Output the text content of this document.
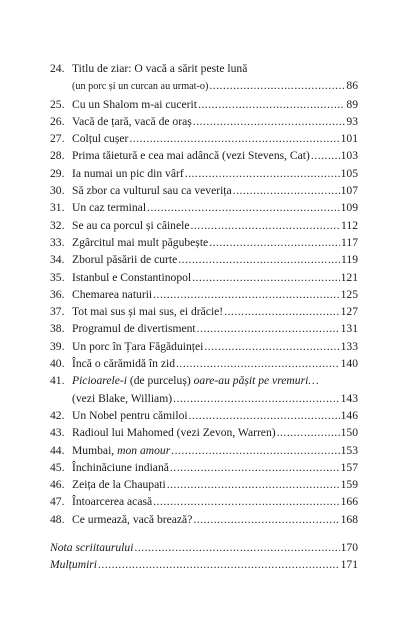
24. Titlu de ziar: O vacă a sărit peste lună
(un porc și un curcan au urmat-o) .....	86
25. Cu un Shalom m-ai cucerit .....	89
26. Vacă de țară, vacă de oraș .....	93
27. Colțul cușer .....	101
28. Prima tăietură e cea mai adâncă (vezi Stevens, Cat) .....	103
29. Ia numai un pic din vârf .....	105
30. Să zbor ca vulturul sau ca veverița .....	107
31. Un caz terminal .....	109
32. Se au ca porcul și câinele .....	112
33. Zgârcitul mai mult păgubește .....	117
34. Zborul păsării de curte .....	119
35. Istanbul e Constantinopol .....	121
36. Chemarea naturii .....	125
37. Tot mai sus și mai sus, ei drăcie! .....	127
38. Programul de divertisment .....	131
39. Un porc în Țara Făgăduinței .....	133
40. Încă o cărămidă în zid .....	140
41. Picioarele-i (de purceluș) oare-au pășit pe vremuri…
(vezi Blake, William) .....	143
42. Un Nobel pentru cămiloi .....	146
43. Radioul lui Mahomed (vezi Zevon, Warren) .....	150
44. Mumbai, mon amour .....	153
45. Închinăciune indiană .....	157
46. Zeița de la Chaupati .....	159
47. Întoarcerea acasă .....	166
48. Ce urmează, vacă brează? .....	168
Nota scriitaurului .....	170
Mulțumiri .....	171
